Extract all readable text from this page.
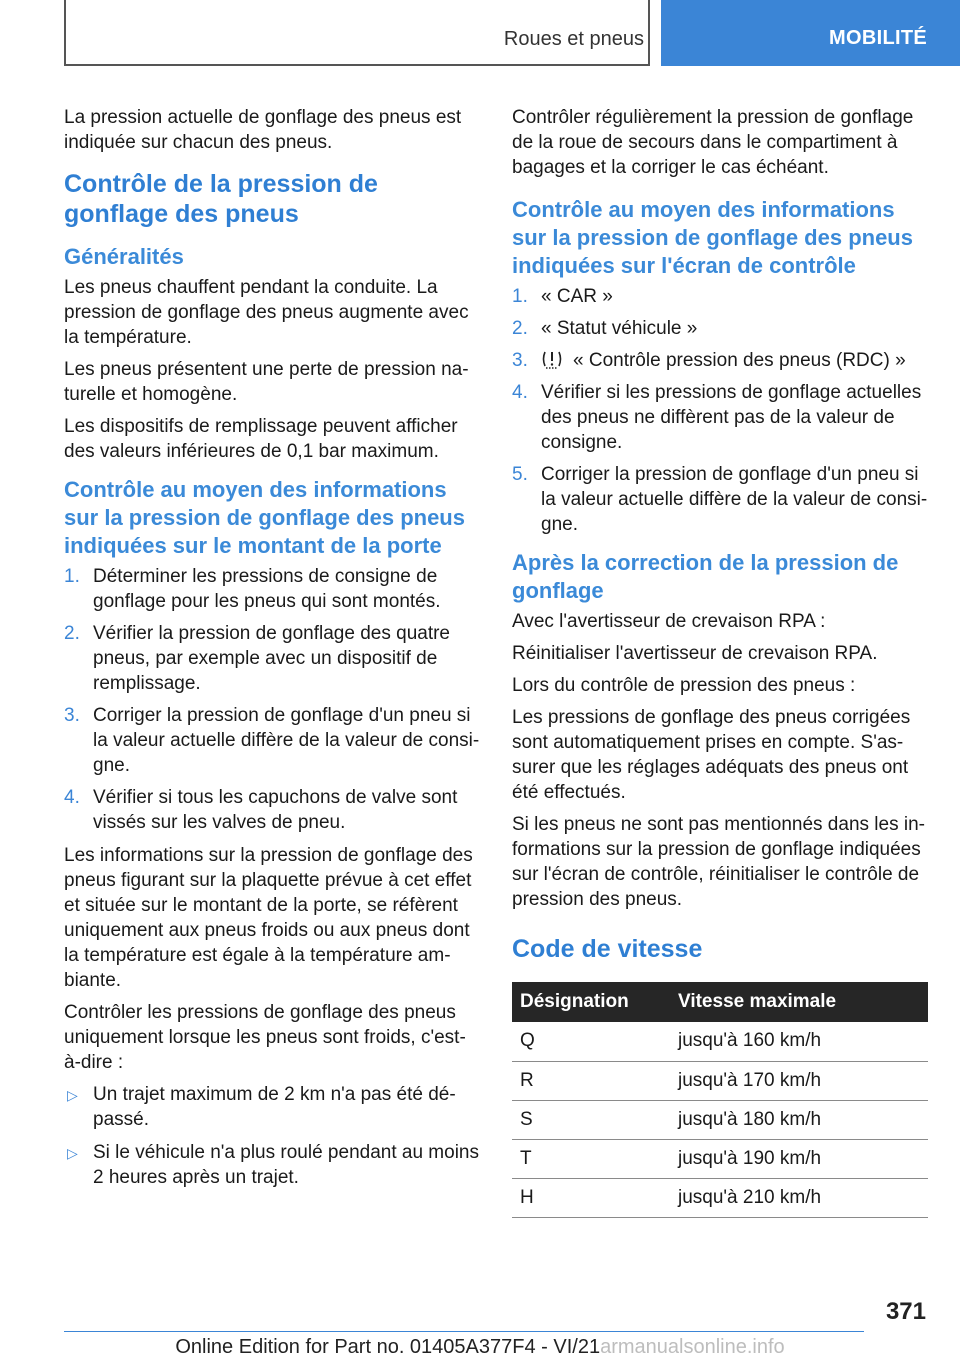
Roues et pneus	MOBILITÉ

La pression actuelle de gonflage des pneus est indiquée sur chacun des pneus.

Contrôle de la pression de gonflage des pneus
Généralités

Les pneus chauffent pendant la conduite. La pression de gonflage des pneus augmente avec la température.

Les pneus présentent une perte de pression naturelle et homogène.

Les dispositifs de remplissage peuvent afficher des valeurs inférieures de 0,1 bar maximum.

Contrôle au moyen des informations sur la pression de gonflage des pneus indiquées sur le montant de la porte
1. Déterminer les pressions de consigne de gonflage pour les pneus qui sont montés.
2. Vérifier la pression de gonflage des quatre pneus, par exemple avec un dispositif de remplissage.
3. Corriger la pression de gonflage d'un pneu si la valeur actuelle diffère de la valeur de consigne.
4. Vérifier si tous les capuchons de valve sont vissés sur les valves de pneu.

Les informations sur la pression de gonflage des pneus figurant sur la plaquette prévue à cet effet et située sur le montant de la porte, se réfèrent uniquement aux pneus froids ou aux pneus dont la température est égale à la température ambiante.

Contrôler les pressions de gonflage des pneus uniquement lorsque les pneus sont froids, c'est-à-dire :

▷ Un trajet maximum de 2 km n'a pas été dépassé.
▷ Si le véhicule n'a plus roulé pendant au moins 2 heures après un trajet.

Contrôler régulièrement la pression de gonflage de la roue de secours dans le compartiment à bagages et la corriger le cas échéant.

Contrôle au moyen des informations sur la pression de gonflage des pneus indiquées sur l'écran de contrôle
1. « CAR »
2. « Statut véhicule »
3. « Contrôle pression des pneus (RDC) »
4. Vérifier si les pressions de gonflage actuelles des pneus ne diffèrent pas de la valeur de consigne.
5. Corriger la pression de gonflage d'un pneu si la valeur actuelle diffère de la valeur de consigne.
Après la correction de la pression de gonflage

Avec l'avertisseur de crevaison RPA :

Réinitialiser l'avertisseur de crevaison RPA.

Lors du contrôle de pression des pneus :

Les pressions de gonflage des pneus corrigées sont automatiquement prises en compte. S'assurer que les réglages adéquats des pneus ont été effectués.

Si les pneus ne sont pas mentionnés dans les informations sur la pression de gonflage indiquées sur l'écran de contrôle, réinitialiser le contrôle de pression des pneus.

Code de vitesse
Désignation	Vitesse maximale
Q	jusqu'à 160 km/h
R	jusqu'à 170 km/h
S	jusqu'à 180 km/h
T	jusqu'à 190 km/h
H	jusqu'à 210 km/h
371
Online Edition for Part no. 01405A377F4 - VI/21armanualsonline.info
